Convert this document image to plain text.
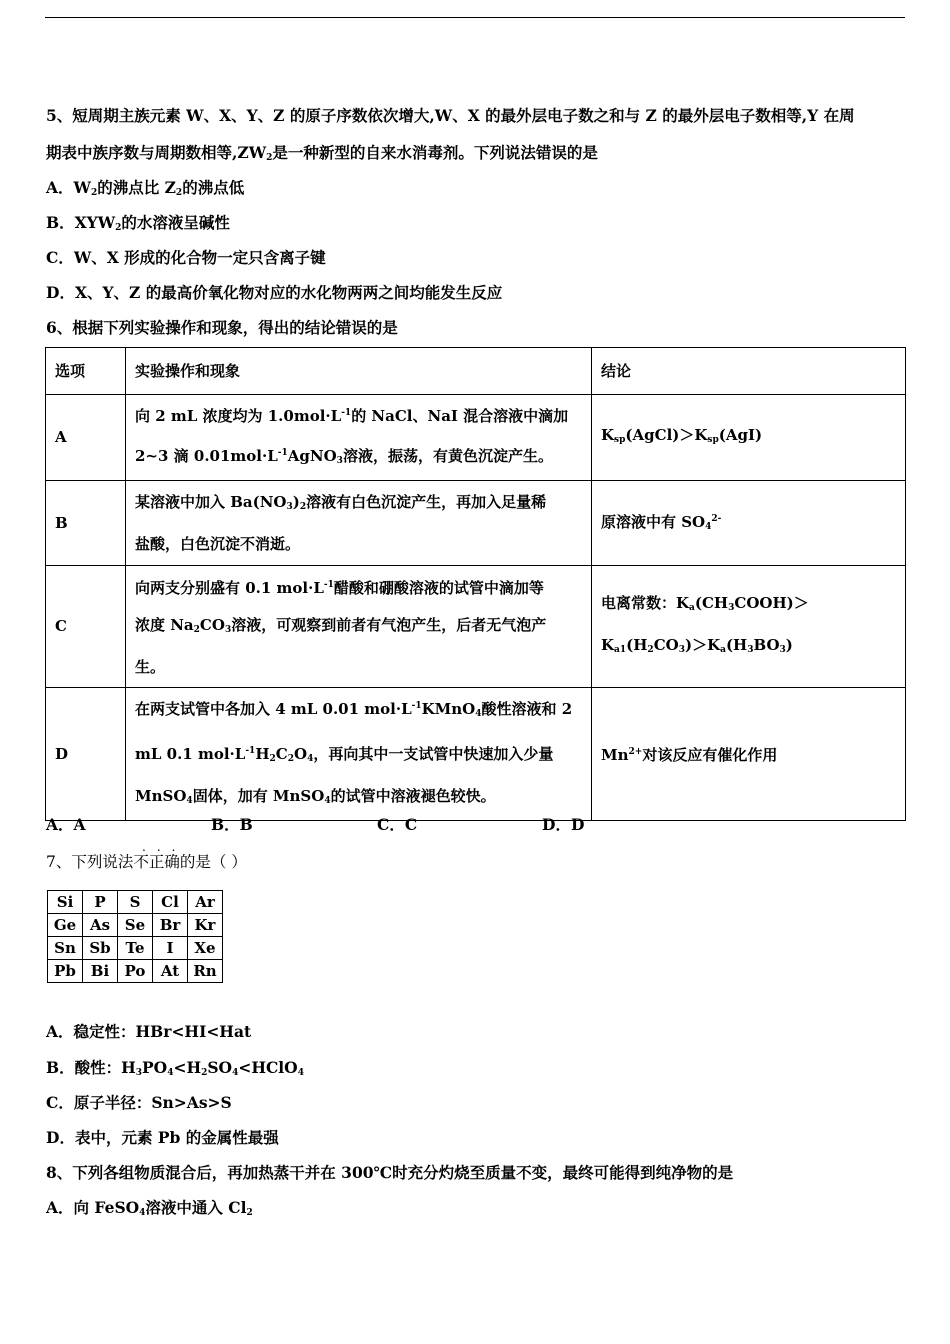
5、短周期主族元素 W、X、Y、Z 的原子序数依次增大,W、X 的最外层电子数之和与 Z 的最外层电子数相等,Y 在周
期表中族序数与周期数相等$,ZW_2$是一种新型的自来水消毒剂。下列说法错误的是
A．$W_2$的沸点比 $Z_2$的沸点低
B．$XYW_2$的水溶液呈碱性
C．W、X 形成的化合物一定只含离子键
D．X、Y、Z 的最高价氧化物对应的水化物两两之间均能发生反应
6、根据下列实验操作和现象，得出的结论错误的是
选项	实验操作和现象	结论
A	向 2 mL 浓度均为 $1.0mol\cdot L^{-1}$的 NaCl、NaI 混合溶液中滴加
2~3 滴 $0.01mol\cdot L^{-1}AgNO_3$溶液，振荡，有黄色沉淀产生。	$K_{sp}(AgCl)>K_{sp}(AgI)$
B	某溶液中加入 $Ba(NO_3)_2$溶液有白色沉淀产生，再加入足量稀
盐酸，白色沉淀不消逝。	原溶液中有 $SO_4^{2-}$
C	向两支分别盛有 0.1 $mol\cdot L^{-1}$醋酸和硼酸溶液的试管中滴加等
浓度 $Na_2CO_3$溶液，可观察到前者有气泡产生，后者无气泡产
生。	电离常数：$K_a(CH_3COOH)>$
$K_{a1}(H_2CO_3)>K_a(H_3BO_3)$
D	在两支试管中各加入 4 mL 0.01 $mol\cdot L^{-1}KMnO_4$酸性溶液和 2
mL 0.1 $mol\cdot L^{-1}H_2C_2O_4$，再向其中一支试管中快速加入少量
MnSO$_4$固体，加有 MnSO$_4$的试管中溶液褪色较快。	$Mn^{2+}$对该反应有催化作用
A．A	B．B	C．C	D．D
...
7、下列说法不正确的是（ ）
Si	P	S	Cl	Ar
Ge	As	Se	Br	Kr
Sn	Sb	Te	I	Xe
Pb	Bi	Po	At	Rn
A．稳定性：HBr<HI<Hat
B．酸性：$H_3PO_4<H_2SO_4<HClO_4$
C．原子半径：Sn>As>S
D．表中，元素 Pb 的金属性最强
8、下列各组物质混合后，再加热蒸干并在 300℃时充分灼烧至质量不变，最终可能得到纯净物的是
A．向 FeSO$_4$溶液中通入 $Cl_2$
